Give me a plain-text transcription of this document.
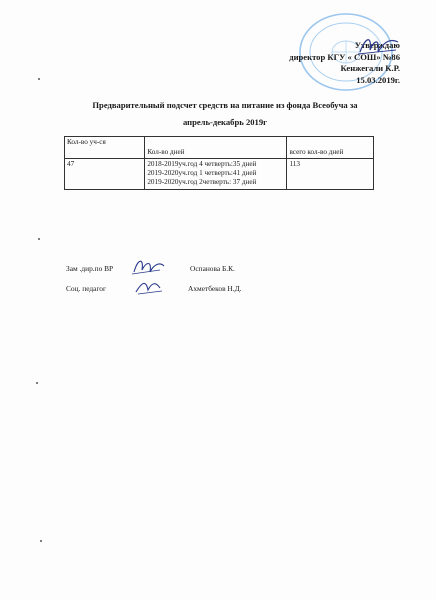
Утверждаю
директор КГУ « СОШ» №86
Кенжегали К.Р.
15.03.2019г.
Предварительный подсчет средств на питание из фонда Всеобуча за
апрель-декабрь 2019г
Кол-во уч-ся	Кол-во дней	всего кол-во дней
47	2018-2019уч.год 4 четверть:35 дней
2019-2020уч.год 1 четверть:41 дней
2019-2020уч.год 2четверть: 37 дней	113
Зам .дир.по ВР	Оспанова Б.К.
Соц. педагог	Ахметбеков Н.Д.
